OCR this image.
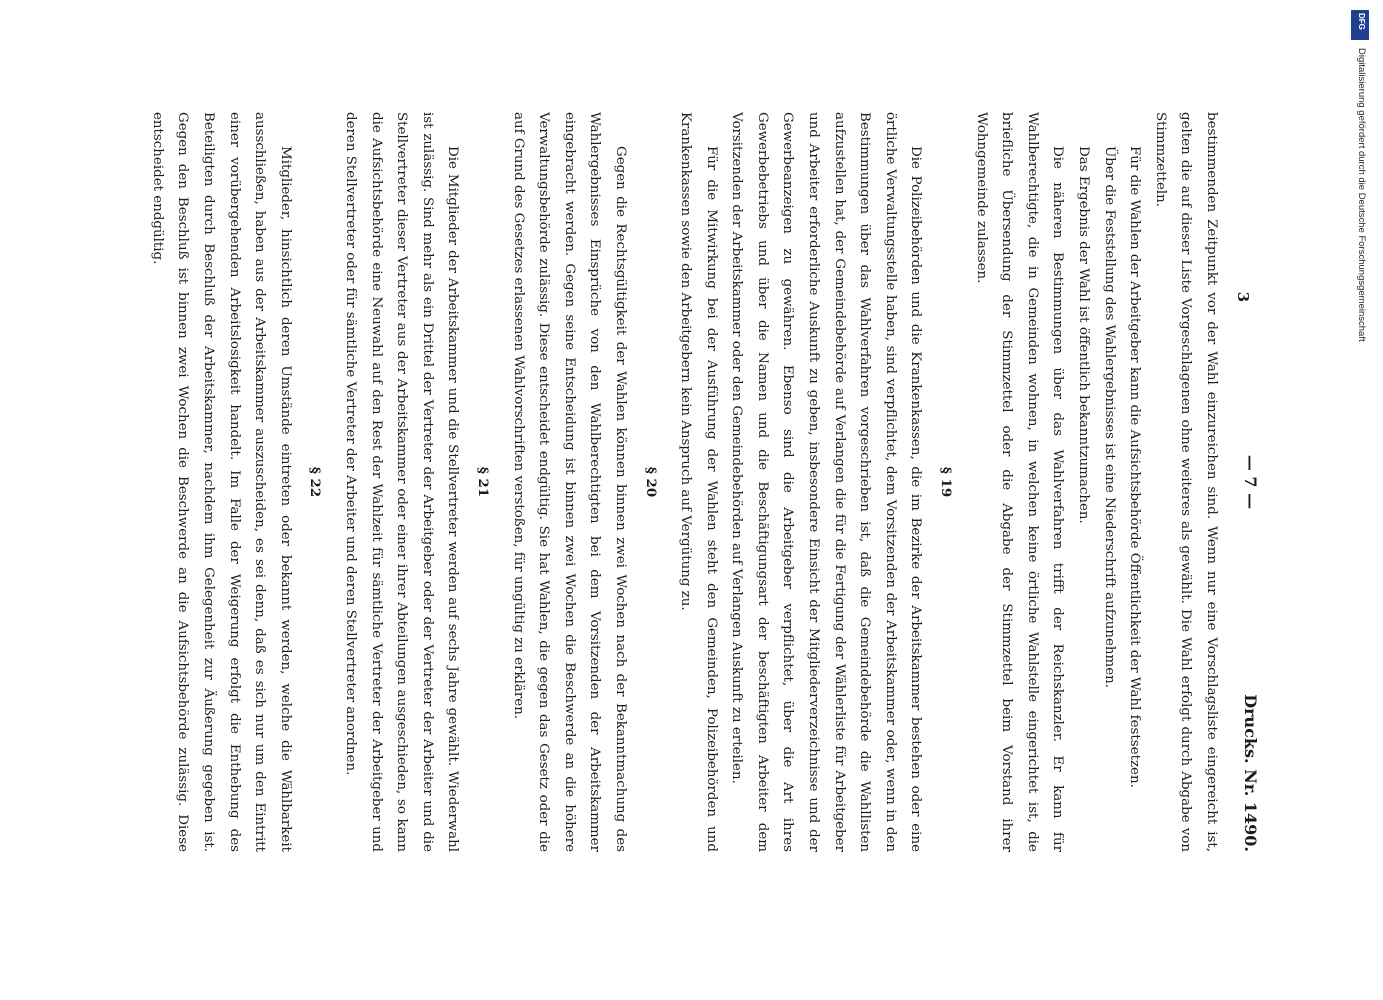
— 7 —
Drucks. Nr. 1490.

bestimmenden Zeitpunkt vor der Wahl einzureichen sind. Wenn nur eine Vorschlagsliste eingereicht ist, gelten die auf dieser Liste Vorgeschlagenen ohne weiteres als gewählt. Die Wahl erfolgt durch Abgabe von Stimmzetteln.

Für die Wahlen der Arbeitgeber kann die Aufsichtsbehörde Öffentlichkeit der Wahl festsetzen.

Über die Feststellung des Wahlergebnisses ist eine Niederschrift aufzunehmen.

Das Ergebnis der Wahl ist öffentlich bekanntzumachen.

Die näheren Bestimmungen über das Wahlverfahren trifft der Reichskanzler. Er kann für Wahlberechtigte, die in Gemeinden wohnen, in welchen keine örtliche Wahlstelle eingerichtet ist, die briefliche Übersendung der Stimmzettel oder die Abgabe der Stimmzettel beim Vorstand ihrer Wohngemeinde zulassen.

§ 19

Die Polizeibehörden und die Krankenkassen, die im Bezirke der Arbeitskammer bestehen oder eine örtliche Verwaltungsstelle haben, sind verpflichtet, dem Vorsitzenden der Arbeitskammer oder, wenn in den Bestimmungen über das Wahlverfahren vorgeschrieben ist, daß die Gemeindebehörde die Wahllisten aufzustellen hat, der Gemeindebehörde auf Verlangen die für die Fertigung der Wählerliste für Arbeitgeber und Arbeiter erforderliche Auskunft zu geben, insbesondere Einsicht der Mitgliederverzeichnisse und der Gewerbeanzeigen zu gewähren. Ebenso sind die Arbeitgeber verpflichtet, über die Art ihres Gewerbebetriebs und über die Namen und die Beschäftigungsart der beschäftigten Arbeiter dem Vorsitzenden der Arbeitskammer oder den Gemeindebehörden auf Verlangen Auskunft zu erteilen.

Für die Mitwirkung bei der Ausführung der Wahlen steht den Gemeinden, Polizeibehörden und Krankenkassen sowie den Arbeitgebern kein Anspruch auf Vergütung zu.

§ 20

Gegen die Rechtsgültigkeit der Wahlen können binnen zwei Wochen nach der Bekanntmachung des Wahlergebnisses Einsprüche von den Wahlberechtigten bei dem Vorsitzenden der Arbeitskammer eingebracht werden. Gegen seine Entscheidung ist binnen zwei Wochen die Beschwerde an die höhere Verwaltungsbehörde zulässig. Diese entscheidet endgültig. Sie hat Wahlen, die gegen das Gesetz oder die auf Grund des Gesetzes erlassenen Wahlvorschriften verstoßen, für ungültig zu erklären.

§ 21

Die Mitglieder der Arbeitskammer und die Stellvertreter werden auf sechs Jahre gewählt. Wiederwahl ist zulässig. Sind mehr als ein Drittel der Vertreter der Arbeitgeber oder der Vertreter der Arbeiter und die Stellvertreter dieser Vertreter aus der Arbeitskammer oder einer ihrer Abteilungen ausgeschieden, so kann die Aufsichtsbehörde eine Neuwahl auf den Rest der Wahlzeit für sämtliche Vertreter der Arbeitgeber und deren Stellvertreter oder für sämtliche Vertreter der Arbeiter und deren Stellvertreter anordnen.

§ 22

Mitglieder, hinsichtlich deren Umstände eintreten oder bekannt werden, welche die Wählbarkeit ausschließen, haben aus der Arbeitskammer auszuscheiden, es sei denn, daß es sich nur um den Eintritt einer vorübergehenden Arbeitslosigkeit handelt. Im Falle der Weigerung erfolgt die Enthebung des Beteiligten durch Beschluß der Arbeitskammer, nachdem ihm Gelegenheit zur Äußerung gegeben ist. Gegen den Beschluß ist binnen zwei Wochen die Beschwerde an die Aufsichtsbehörde zulässig. Diese entscheidet endgültig.

3
DFG
Digitalisierung gefördert durch die Deutsche Forschungsgemeinschaft
